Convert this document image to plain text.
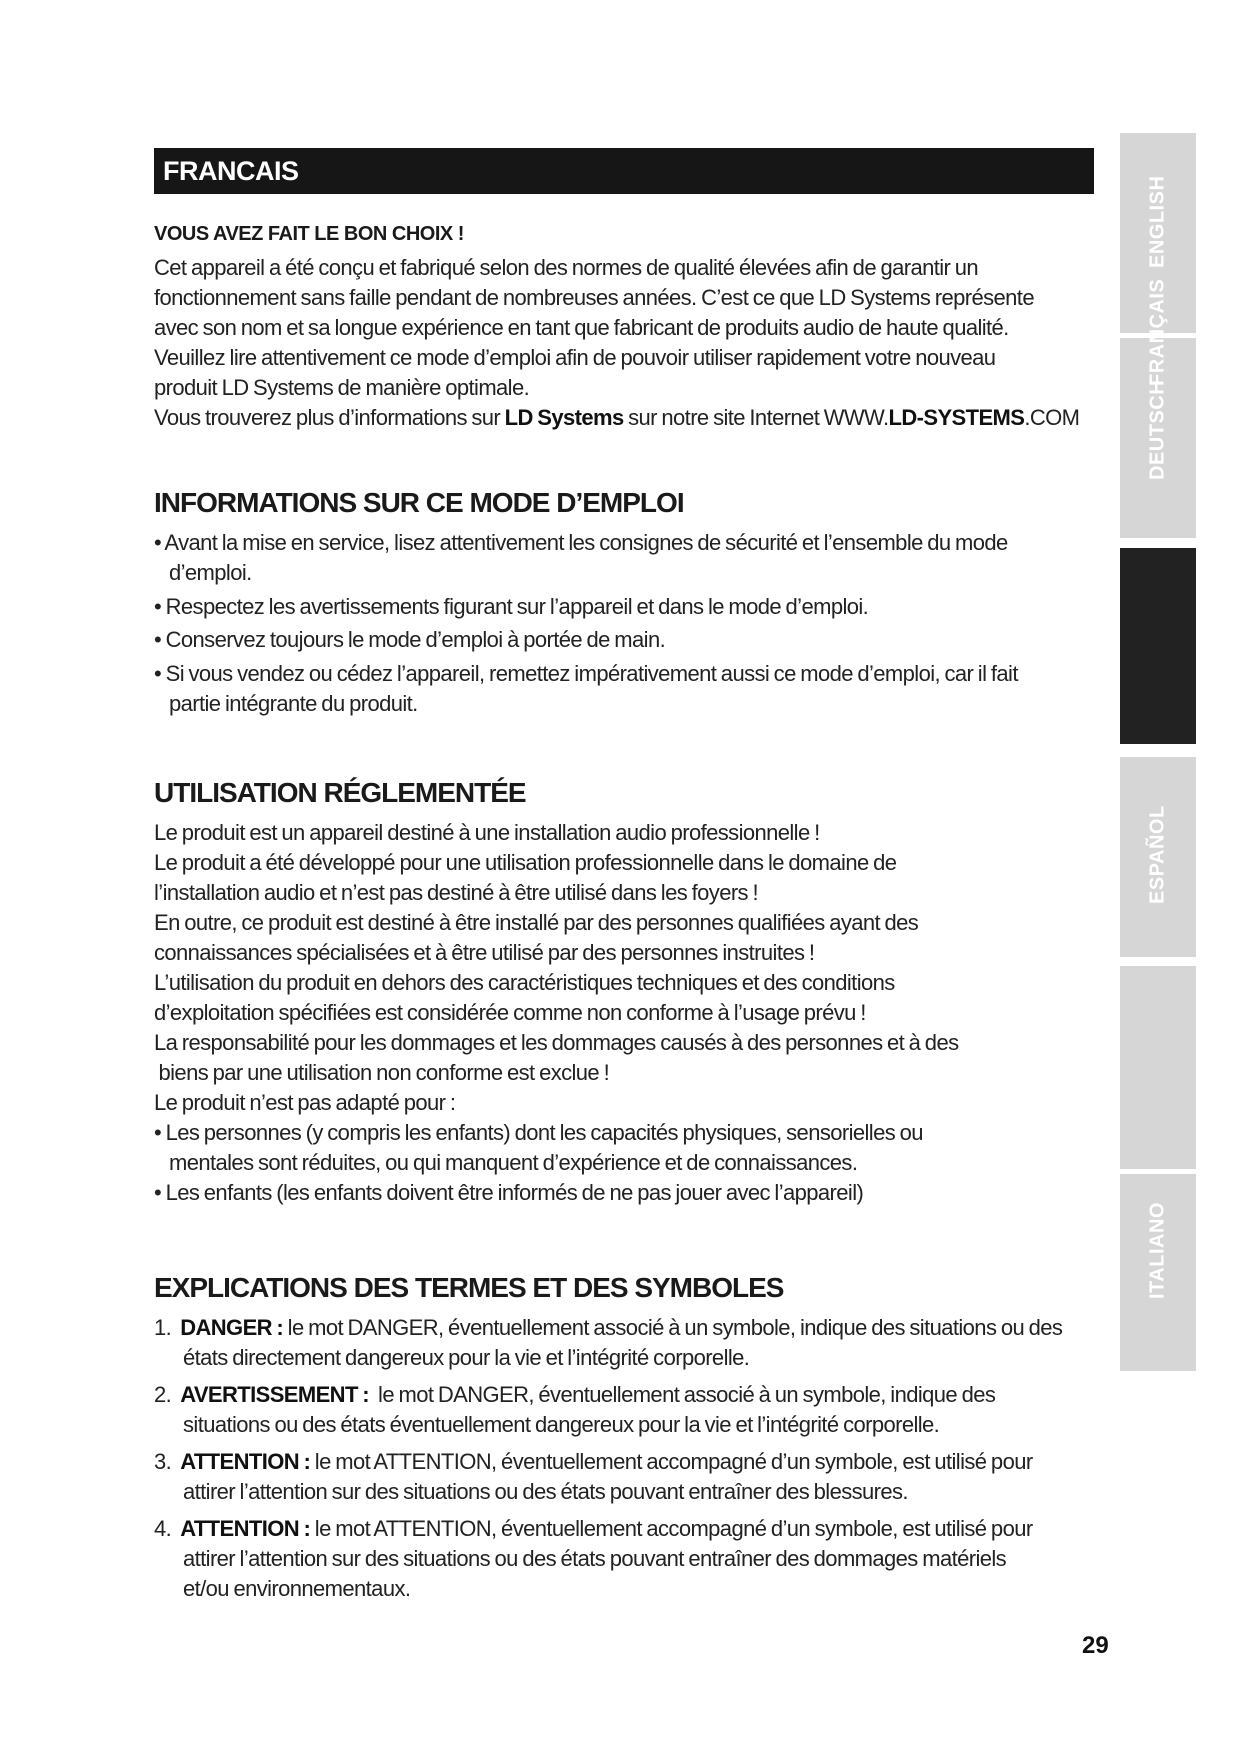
FRANCAIS
VOUS AVEZ FAIT LE BON CHOIX !
Cet appareil a été conçu et fabriqué selon des normes de qualité élevées afin de garantir un
fonctionnement sans faille pendant de nombreuses années. C’est ce que LD Systems représente
avec son nom et sa longue expérience en tant que fabricant de produits audio de haute qualité.
Veuillez lire attentivement ce mode d’emploi afin de pouvoir utiliser rapidement votre nouveau
produit LD Systems de manière optimale.
Vous trouverez plus d’informations sur LD Systems sur notre site Internet WWW.LD-SYSTEMS.COM
INFORMATIONS SUR CE MODE D’EMPLOI
• Avant la mise en service, lisez attentivement les consignes de sécurité et l’ensemble du mode
d’emploi.
• Respectez les avertissements figurant sur l’appareil et dans le mode d’emploi.
• Conservez toujours le mode d’emploi à portée de main.
• Si vous vendez ou cédez l’appareil, remettez impérativement aussi ce mode d’emploi, car il fait
partie intégrante du produit.
UTILISATION RÉGLEMENTÉE
Le produit est un appareil destiné à une installation audio professionnelle !
Le produit a été développé pour une utilisation professionnelle dans le domaine de
l’installation audio et n’est pas destiné à être utilisé dans les foyers !
En outre, ce produit est destiné à être installé par des personnes qualifiées ayant des
connaissances spécialisées et à être utilisé par des personnes instruites !
L’utilisation du produit en dehors des caractéristiques techniques et des conditions
d’exploitation spécifiées est considérée comme non conforme à l’usage prévu !
La responsabilité pour les dommages et les dommages causés à des personnes et à des
biens par une utilisation non conforme est exclue !
Le produit n’est pas adapté pour :
• Les personnes (y compris les enfants) dont les capacités physiques, sensorielles ou
mentales sont réduites, ou qui manquent d’expérience et de connaissances.
• Les enfants (les enfants doivent être informés de ne pas jouer avec l’appareil)
EXPLICATIONS DES TERMES ET DES SYMBOLES
1. DANGER : le mot DANGER, éventuellement associé à un symbole, indique des situations ou des
états directement dangereux pour la vie et l’intégrité corporelle.
2. AVERTISSEMENT :  le mot DANGER, éventuellement associé à un symbole, indique des
situations ou des états éventuellement dangereux pour la vie et l’intégrité corporelle.
3. ATTENTION : le mot ATTENTION, éventuellement accompagné d’un symbole, est utilisé pour
attirer l’attention sur des situations ou des états pouvant entraîner des blessures.
4. ATTENTION : le mot ATTENTION, éventuellement accompagné d’un symbole, est utilisé pour
attirer l’attention sur des situations ou des états pouvant entraîner des dommages matériels
et/ou environnementaux.
ENGLISH
DEUTSCH
FRANÇAIS
ESPAÑOL
ITALIANO
29
